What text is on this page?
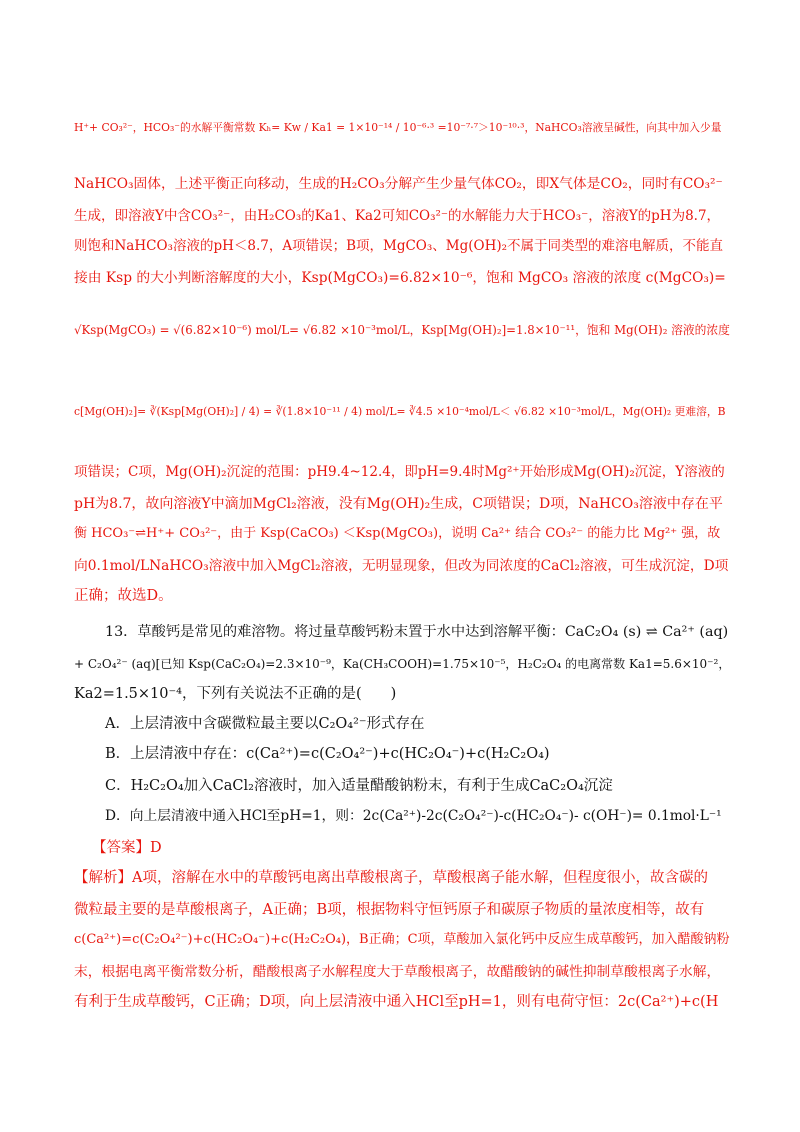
H⁺+ CO₃²⁻，HCO₃⁻的水解平衡常数 Kₕ= Kw / Ka1 = 1×10⁻¹⁴ / 10⁻⁶·³ =10⁻⁷·⁷＞10⁻¹⁰·³，NaHCO₃溶液呈碱性，向其中加入少量
NaHCO₃固体，上述平衡正向移动，生成的H₂CO₃分解产生少量气体CO₂，即X气体是CO₂，同时有CO₃²⁻
生成，即溶液Y中含CO₃²⁻，由H₂CO₃的Ka1、Ka2可知CO₃²⁻的水解能力大于HCO₃⁻，溶液Y的pH为8.7，
则饱和NaHCO₃溶液的pH＜8.7，A项错误；B项，MgCO₃、Mg(OH)₂不属于同类型的难溶电解质，不能直
接由 Ksp 的大小判断溶解度的大小，Ksp(MgCO₃)=6.82×10⁻⁶，饱和 MgCO₃ 溶液的浓度 c(MgCO₃)=
√Ksp(MgCO₃) = √(6.82×10⁻⁶) mol/L= √6.82 ×10⁻³mol/L，Ksp[Mg(OH)₂]=1.8×10⁻¹¹，饱和 Mg(OH)₂ 溶液的浓度
c[Mg(OH)₂]= ∛(Ksp[Mg(OH)₂] / 4) = ∛(1.8×10⁻¹¹ / 4) mol/L= ∛4.5 ×10⁻⁴mol/L＜ √6.82 ×10⁻³mol/L，Mg(OH)₂ 更难溶，B
项错误；C项，Mg(OH)₂沉淀的范围：pH9.4~12.4，即pH=9.4时Mg²⁺开始形成Mg(OH)₂沉淀，Y溶液的
pH为8.7，故向溶液Y中滴加MgCl₂溶液，没有Mg(OH)₂生成，C项错误；D项，NaHCO₃溶液中存在平
衡 HCO₃⁻⇌H⁺+ CO₃²⁻，由于 Ksp(CaCO₃) ＜Ksp(MgCO₃)，说明 Ca²⁺ 结合 CO₃²⁻ 的能力比 Mg²⁺ 强，故
向0.1mol/LNaHCO₃溶液中加入MgCl₂溶液，无明显现象，但改为同浓度的CaCl₂溶液，可生成沉淀，D项
正确；故选D。
13．草酸钙是常见的难溶物。将过量草酸钙粉末置于水中达到溶解平衡：CaC₂O₄ (s) ⇌ Ca²⁺ (aq)
+ C₂O₄²⁻ (aq)[已知 Ksp(CaC₂O₄)=2.3×10⁻⁹，Ka(CH₃COOH)=1.75×10⁻⁵，H₂C₂O₄ 的电离常数 Ka1=5.6×10⁻²，
Ka2=1.5×10⁻⁴，下列有关说法不正确的是(　　)
A．上层清液中含碳微粒最主要以C₂O₄²⁻形式存在
B．上层清液中存在：c(Ca²⁺)=c(C₂O₄²⁻)+c(HC₂O₄⁻)+c(H₂C₂O₄)
C．H₂C₂O₄加入CaCl₂溶液时，加入适量醋酸钠粉末，有利于生成CaC₂O₄沉淀
D．向上层清液中通入HCl至pH=1，则：2c(Ca²⁺)-2c(C₂O₄²⁻)-c(HC₂O₄⁻)- c(OH⁻)= 0.1mol·L⁻¹
【答案】D
【解析】A项，溶解在水中的草酸钙电离出草酸根离子，草酸根离子能水解，但程度很小，故含碳的
微粒最主要的是草酸根离子，A正确；B项，根据物料守恒钙原子和碳原子物质的量浓度相等，故有
c(Ca²⁺)=c(C₂O₄²⁻)+c(HC₂O₄⁻)+c(H₂C₂O₄)，B正确；C项，草酸加入氯化钙中反应生成草酸钙，加入醋酸钠粉
末，根据电离平衡常数分析，醋酸根离子水解程度大于草酸根离子，故醋酸钠的碱性抑制草酸根离子水解，
有利于生成草酸钙，C正确；D项，向上层清液中通入HCl至pH=1，则有电荷守恒：2c(Ca²⁺)+c(H
